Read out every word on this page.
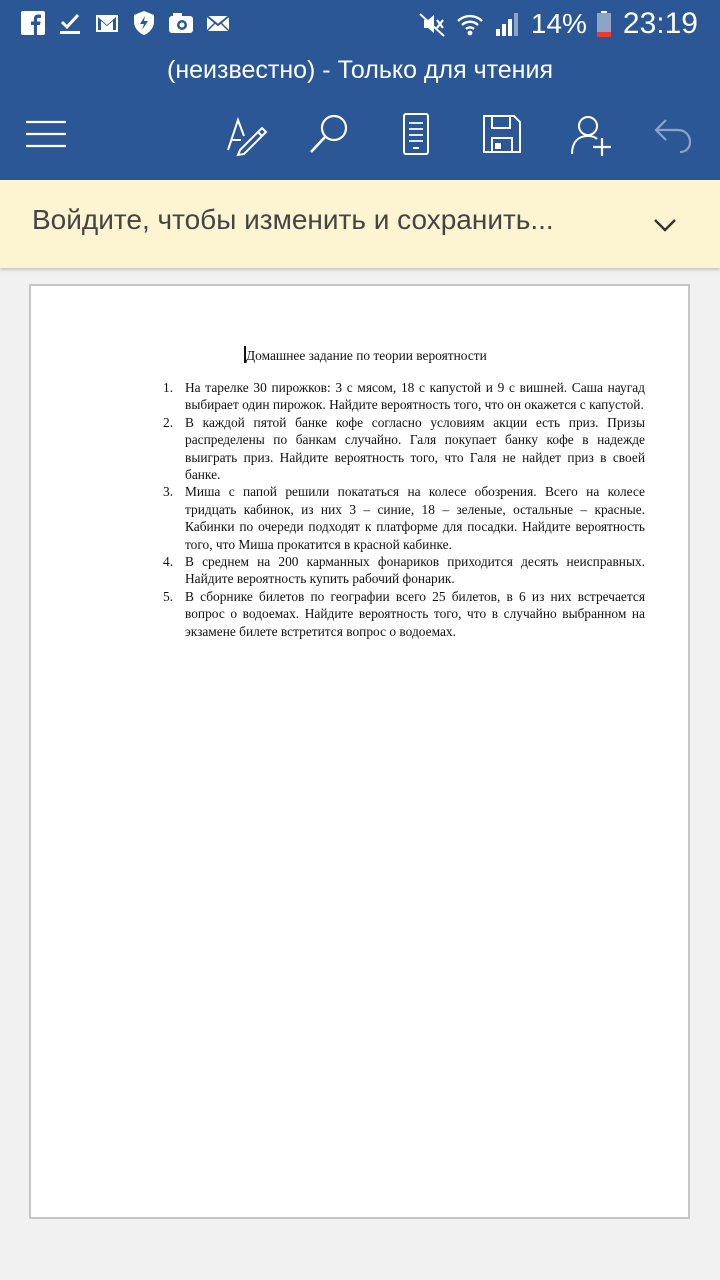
14% 23:19
(неизвестно) - Только для чтения
Войдите, чтобы изменить и сохранить...
Домашнее задание по теории вероятности
1. На тарелке 30 пирожков: 3 с мясом, 18 с капустой и 9 с вишней. Саша наугад выбирает один пирожок. Найдите вероятность того, что он окажется с капустой.
2. В каждой пятой банке кофе согласно условиям акции есть приз. Призы распределены по банкам случайно. Галя покупает банку кофе в надежде выиграть приз. Найдите вероятность того, что Галя не найдет приз в своей банке.
3. Миша с папой решили покататься на колесе обозрения. Всего на колесе тридцать кабинок, из них 3 – синие, 18 – зеленые, остальные – красные. Кабинки по очереди подходят к платформе для посадки. Найдите вероятность того, что Миша прокатится в красной кабинке.
4. В среднем на 200 карманных фонариков приходится десять неисправных. Найдите вероятность купить рабочий фонарик.
5. В сборнике билетов по географии всего 25 билетов, в 6 из них встречается вопрос о водоемах. Найдите вероятность того, что в случайно выбранном на экзамене билете встретится вопрос о водоемах.
